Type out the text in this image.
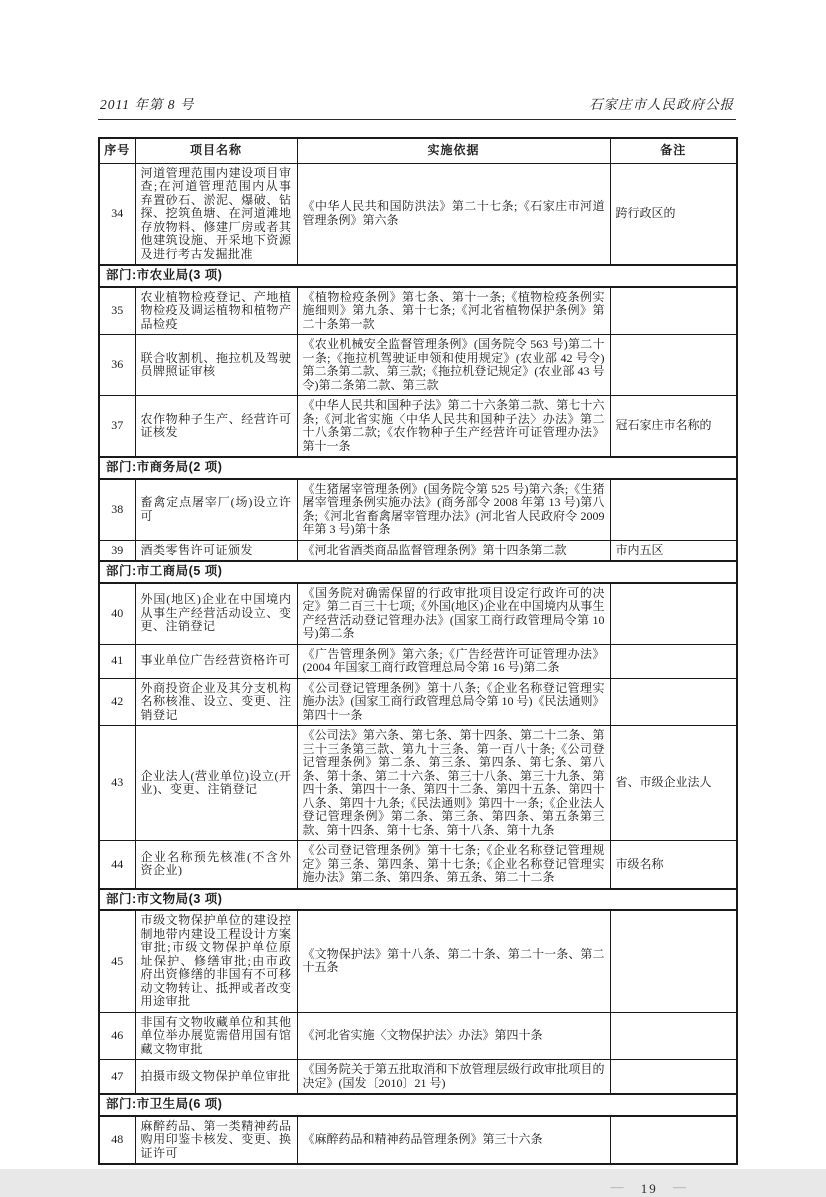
2011 年第 8 号	石家庄市人民政府公报
序号	项目名称	实施依据	备注
34	河道管理范围内建设项目审查;在河道管理范围内从事弃置砂石、淤泥、爆破、钻探、挖筑鱼塘、在河道滩地存放物料、修建厂房或者其他建筑设施、开采地下资源及进行考古发掘批准	《中华人民共和国防洪法》第二十七条;《石家庄市河道管理条例》第六条	跨行政区的
部门:市农业局(3 项)			
35	农业植物检疫登记、产地植物检疫及调运植物和植物产品检疫	《植物检疫条例》第七条、第十一条;《植物检疫条例实施细则》第九条、第十七条;《河北省植物保护条例》第二十条第一款	
36	联合收割机、拖拉机及驾驶员牌照证审核	《农业机械安全监督管理条例》(国务院令 563 号)第二十一条;《拖拉机驾驶证申领和使用规定》(农业部 42 号令)第二条第二款、第三款;《拖拉机登记规定》(农业部 43 号令)第二条第二款、第三款	
37	农作物种子生产、经营许可证核发	《中华人民共和国种子法》第二十六条第二款、第七十六条;《河北省实施〈中华人民共和国种子法〉办法》第二十八条第二款;《农作物种子生产经营许可证管理办法》第十一条	冠石家庄市名称的
部门:市商务局(2 项)			
38	畜禽定点屠宰厂(场)设立许可	《生猪屠宰管理条例》(国务院令第 525 号)第六条;《生猪屠宰管理条例实施办法》(商务部令 2008 年第 13 号)第八条;《河北省畜禽屠宰管理办法》(河北省人民政府令 2009 年第 3 号)第十条	
39	酒类零售许可证颁发	《河北省酒类商品监督管理条例》第十四条第二款	市内五区
部门:市工商局(5 项)			
40	外国(地区)企业在中国境内从事生产经营活动设立、变更、注销登记	《国务院对确需保留的行政审批项目设定行政许可的决定》第二百三十七项;《外国(地区)企业在中国境内从事生产经营活动登记管理办法》(国家工商行政管理局令第 10 号)第二条	
41	事业单位广告经营资格许可	《广告管理条例》第六条;《广告经营许可证管理办法》(2004 年国家工商行政管理总局令第 16 号)第二条	
42	外商投资企业及其分支机构名称核准、设立、变更、注销登记	《公司登记管理条例》第十八条;《企业名称登记管理实施办法》(国家工商行政管理总局令第 10 号)《民法通则》第四十一条	
43	企业法人(营业单位)设立(开业)、变更、注销登记	《公司法》第六条、第七条、第十四条、第二十二条、第三十三条第三款、第九十三条、第一百八十条;《公司登记管理条例》第二条、第三条、第四条、第七条、第八条、第十条、第二十六条、第三十八条、第三十九条、第四十条、第四十一条、第四十二条、第四十五条、第四十八条、第四十九条;《民法通则》第四十一条;《企业法人登记管理条例》第二条、第三条、第四条、第五条第三款、第十四条、第十七条、第十八条、第十九条	省、市级企业法人
44	企业名称预先核准(不含外资企业)	《公司登记管理条例》第十七条;《企业名称登记管理规定》第三条、第四条、第十七条;《企业名称登记管理实施办法》第二条、第四条、第五条、第二十二条	市级名称
部门:市文物局(3 项)			
45	市级文物保护单位的建设控制地带内建设工程设计方案审批;市级文物保护单位原址保护、修缮审批;由市政府出资修缮的非国有不可移动文物转让、抵押或者改变用途审批	《文物保护法》第十八条、第二十条、第二十一条、第二十五条	
46	非国有文物收藏单位和其他单位举办展览需借用国有馆藏文物审批	《河北省实施〈文物保护法〉办法》第四十条	
47	拍摄市级文物保护单位审批	《国务院关于第五批取消和下放管理层级行政审批项目的决定》(国发〔2010〕21 号)	
部门:市卫生局(6 项)			
48	麻醉药品、第一类精神药品购用印鉴卡核发、变更、换证许可	《麻醉药品和精神药品管理条例》第三十六条	
— 19 —
